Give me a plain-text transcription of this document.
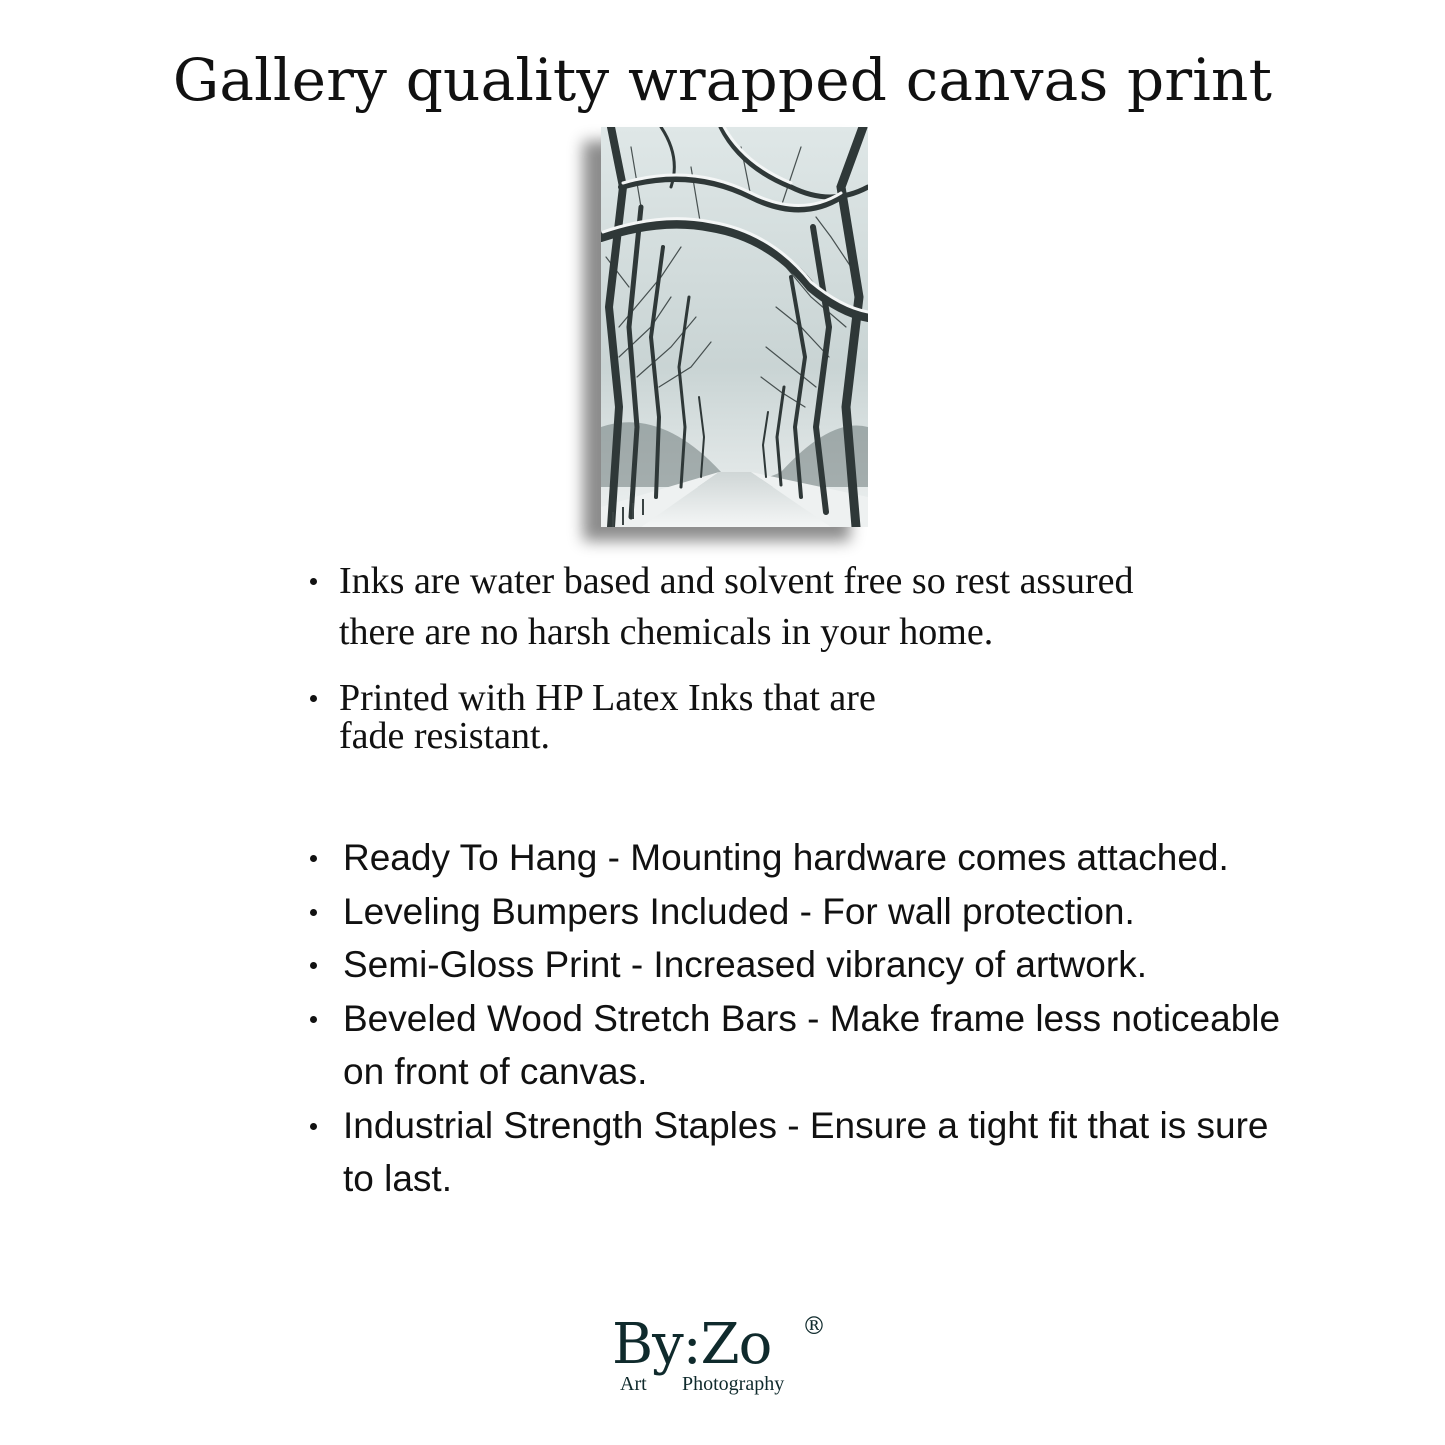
Gallery quality wrapped canvas print
Inks are water based and solvent free so rest assured there are no harsh chemicals in your home.
Printed with HP Latex Inks that are
fade resistant.
Ready To Hang - Mounting hardware comes attached.
Leveling Bumpers Included - For wall protection.
Semi-Gloss Print - Increased vibrancy of artwork.
Beveled Wood Stretch Bars - Make frame less noticeable on front of canvas.
Industrial Strength Staples - Ensure a tight fit that is sure to last.
By:Zo ®
Art Photography
